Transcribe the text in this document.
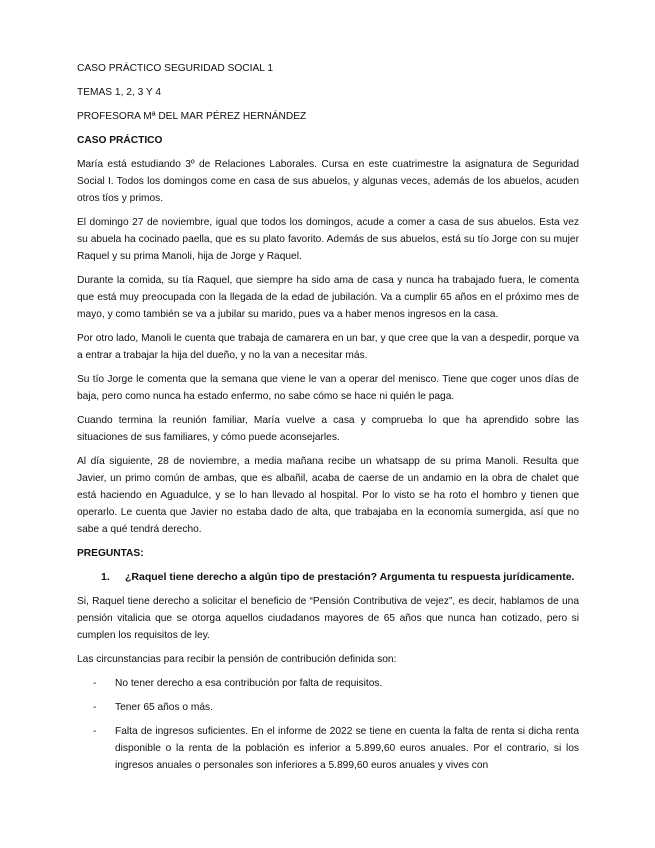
CASO PRÁCTICO SEGURIDAD SOCIAL 1
TEMAS 1, 2, 3 Y 4
PROFESORA Mª DEL MAR PÉREZ HERNÁNDEZ
CASO PRÁCTICO

María está estudiando 3º de Relaciones Laborales. Cursa en este cuatrimestre la asignatura de Seguridad Social I. Todos los domingos come en casa de sus abuelos, y algunas veces, además de los abuelos, acuden otros tíos y primos.

El domingo 27 de noviembre, igual que todos los domingos, acude a comer a casa de sus abuelos. Esta vez su abuela ha cocinado paella, que es su plato favorito. Además de sus abuelos, está su tío Jorge con su mujer Raquel y su prima Manoli, hija de Jorge y Raquel.

Durante la comida, su tía Raquel, que siempre ha sido ama de casa y nunca ha trabajado fuera, le comenta que está muy preocupada con la llegada de la edad de jubilación. Va a cumplir 65 años en el próximo mes de mayo, y como también se va a jubilar su marido, pues va a haber menos ingresos en la casa.

Por otro lado, Manoli le cuenta que trabaja de camarera en un bar, y que cree que la van a despedir, porque va a entrar a trabajar la hija del dueño, y no la van a necesitar más.

Su tío Jorge le comenta que la semana que viene le van a operar del menisco. Tiene que coger unos días de baja, pero como nunca ha estado enfermo, no sabe cómo se hace ni quién le paga.

Cuando termina la reunión familiar, María vuelve a casa y comprueba lo que ha aprendido sobre las situaciones de sus familiares, y cómo puede aconsejarles.

Al día siguiente, 28 de noviembre, a media mañana recibe un whatsapp de su prima Manoli. Resulta que Javier, un primo común de ambas, que es albañil, acaba de caerse de un andamio en la obra de chalet que está haciendo en Aguadulce, y se lo han llevado al hospital. Por lo visto se ha roto el hombro y tienen que operarlo. Le cuenta que Javier no estaba dado de alta, que trabajaba en la economía sumergida, así que no sabe a qué tendrá derecho.

PREGUNTAS:
1.	¿Raquel tiene derecho a algún tipo de prestación? Argumenta tu respuesta jurídicamente.

Si, Raquel tiene derecho a solicitar el beneficio de “Pensión Contributiva de vejez”, es decir, hablamos de una pensión vitalicia que se otorga aquellos ciudadanos mayores de 65 años que nunca han cotizado, pero si cumplen los requisitos de ley.

Las circunstancias para recibir la pensión de contribución definida son:

-	No tener derecho a esa contribución por falta de requisitos.
-	Tener 65 años o más.
-	Falta de ingresos suficientes. En el informe de 2022 se tiene en cuenta la falta de renta si dicha renta disponible o la renta de la población es inferior a 5.899,60 euros anuales. Por el contrario, si los ingresos anuales o personales son inferiores a 5.899,60 euros anuales y vives con
